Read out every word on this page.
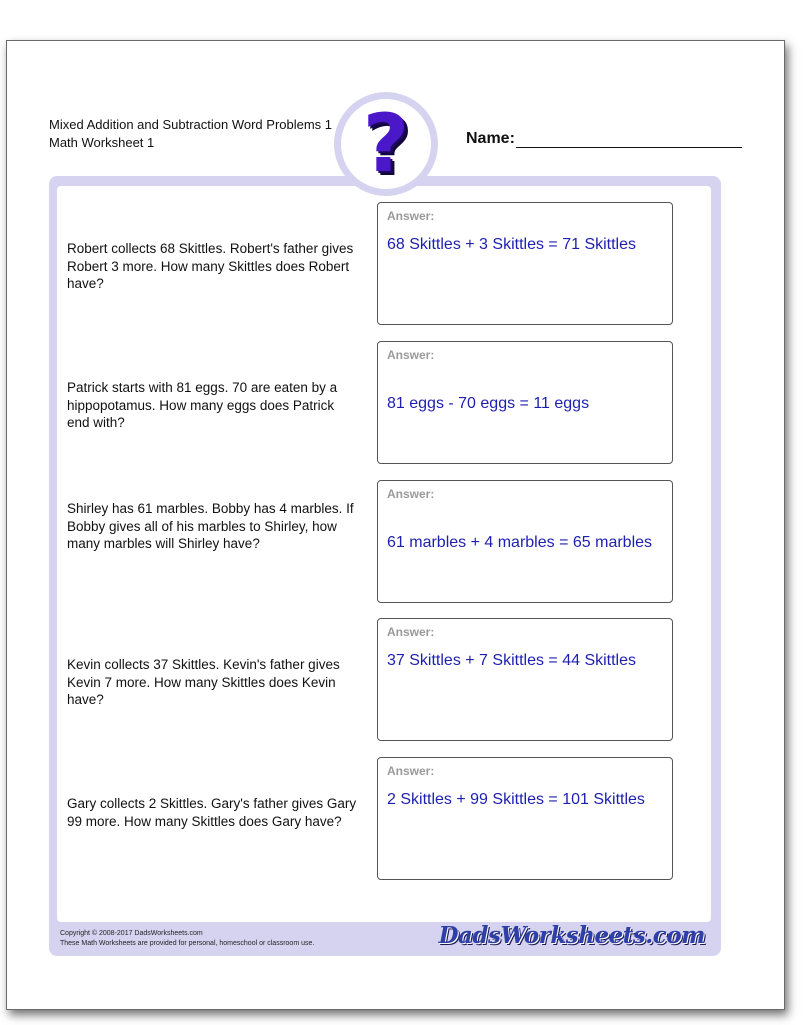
Mixed Addition and Subtraction Word Problems 1
Math Worksheet 1	?	Name:
Robert collects 68 Skittles. Robert's father gives Robert 3 more. How many Skittles does Robert have?
Answer:
68 Skittles + 3 Skittles = 71 Skittles
Patrick starts with 81 eggs. 70 are eaten by a hippopotamus. How many eggs does Patrick end with?
Answer:
81 eggs - 70 eggs = 11 eggs
Shirley has 61 marbles. Bobby has 4 marbles. If Bobby gives all of his marbles to Shirley, how many marbles will Shirley have?
Answer:
61 marbles + 4 marbles = 65 marbles
Kevin collects 37 Skittles. Kevin's father gives Kevin 7 more. How many Skittles does Kevin have?
Answer:
37 Skittles + 7 Skittles = 44 Skittles
Gary collects 2 Skittles. Gary's father gives Gary 99 more. How many Skittles does Gary have?
Answer:
2 Skittles + 99 Skittles = 101 Skittles
Copyright © 2008-2017 DadsWorksheets.com
These Math Worksheets are provided for personal, homeschool or classroom use.	DadsWorksheets.com
